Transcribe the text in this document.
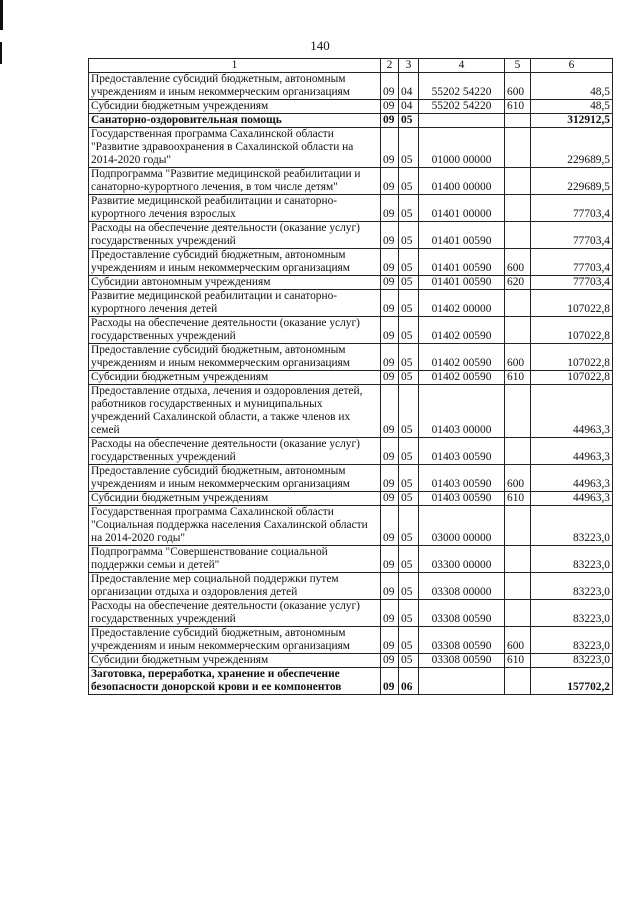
140
1	2	3	4	5	6
Предоставление субсидий бюджетным, автономным учреждениям и иным некоммерческим организациям	09	04	55202 54220	600	48,5
Субсидии бюджетным учреждениям	09	04	55202 54220	610	48,5
Санаторно-оздоровительная помощь	09	05			312912,5
Государственная программа Сахалинской области "Развитие здравоохранения в Сахалинской области на 2014-2020 годы"	09	05	01000 00000		229689,5
Подпрограмма "Развитие медицинской реабилитации и санаторно-курортного лечения, в том числе детям"	09	05	01400 00000		229689,5
Развитие медицинской реабилитации и санаторно-курортного лечения взрослых	09	05	01401 00000		77703,4
Расходы на обеспечение деятельности (оказание услуг) государственных учреждений	09	05	01401 00590		77703,4
Предоставление субсидий бюджетным, автономным учреждениям и иным некоммерческим организациям	09	05	01401 00590	600	77703,4
Субсидии автономным учреждениям	09	05	01401 00590	620	77703,4
Развитие медицинской реабилитации и санаторно-курортного лечения детей	09	05	01402 00000		107022,8
Расходы на обеспечение деятельности (оказание услуг) государственных учреждений	09	05	01402 00590		107022,8
Предоставление субсидий бюджетным, автономным учреждениям и иным некоммерческим организациям	09	05	01402 00590	600	107022,8
Субсидии бюджетным учреждениям	09	05	01402 00590	610	107022,8
Предоставление отдыха, лечения и оздоровления детей, работников государственных и муниципальных учреждений Сахалинской области, а также членов их семей	09	05	01403 00000		44963,3
Расходы на обеспечение деятельности (оказание услуг) государственных учреждений	09	05	01403 00590		44963,3
Предоставление субсидий бюджетным, автономным учреждениям и иным некоммерческим организациям	09	05	01403 00590	600	44963,3
Субсидии бюджетным учреждениям	09	05	01403 00590	610	44963,3
Государственная программа Сахалинской области "Социальная поддержка населения Сахалинской области на 2014-2020 годы"	09	05	03000 00000		83223,0
Подпрограмма "Совершенствование социальной поддержки семьи и детей"	09	05	03300 00000		83223,0
Предоставление мер социальной поддержки путем организации отдыха и оздоровления детей	09	05	03308 00000		83223,0
Расходы на обеспечение деятельности (оказание услуг) государственных учреждений	09	05	03308 00590		83223,0
Предоставление субсидий бюджетным, автономным учреждениям и иным некоммерческим организациям	09	05	03308 00590	600	83223,0
Субсидии бюджетным учреждениям	09	05	03308 00590	610	83223,0
Заготовка, переработка, хранение и обеспечение безопасности донорской крови и ее компонентов	09	06			157702,2
